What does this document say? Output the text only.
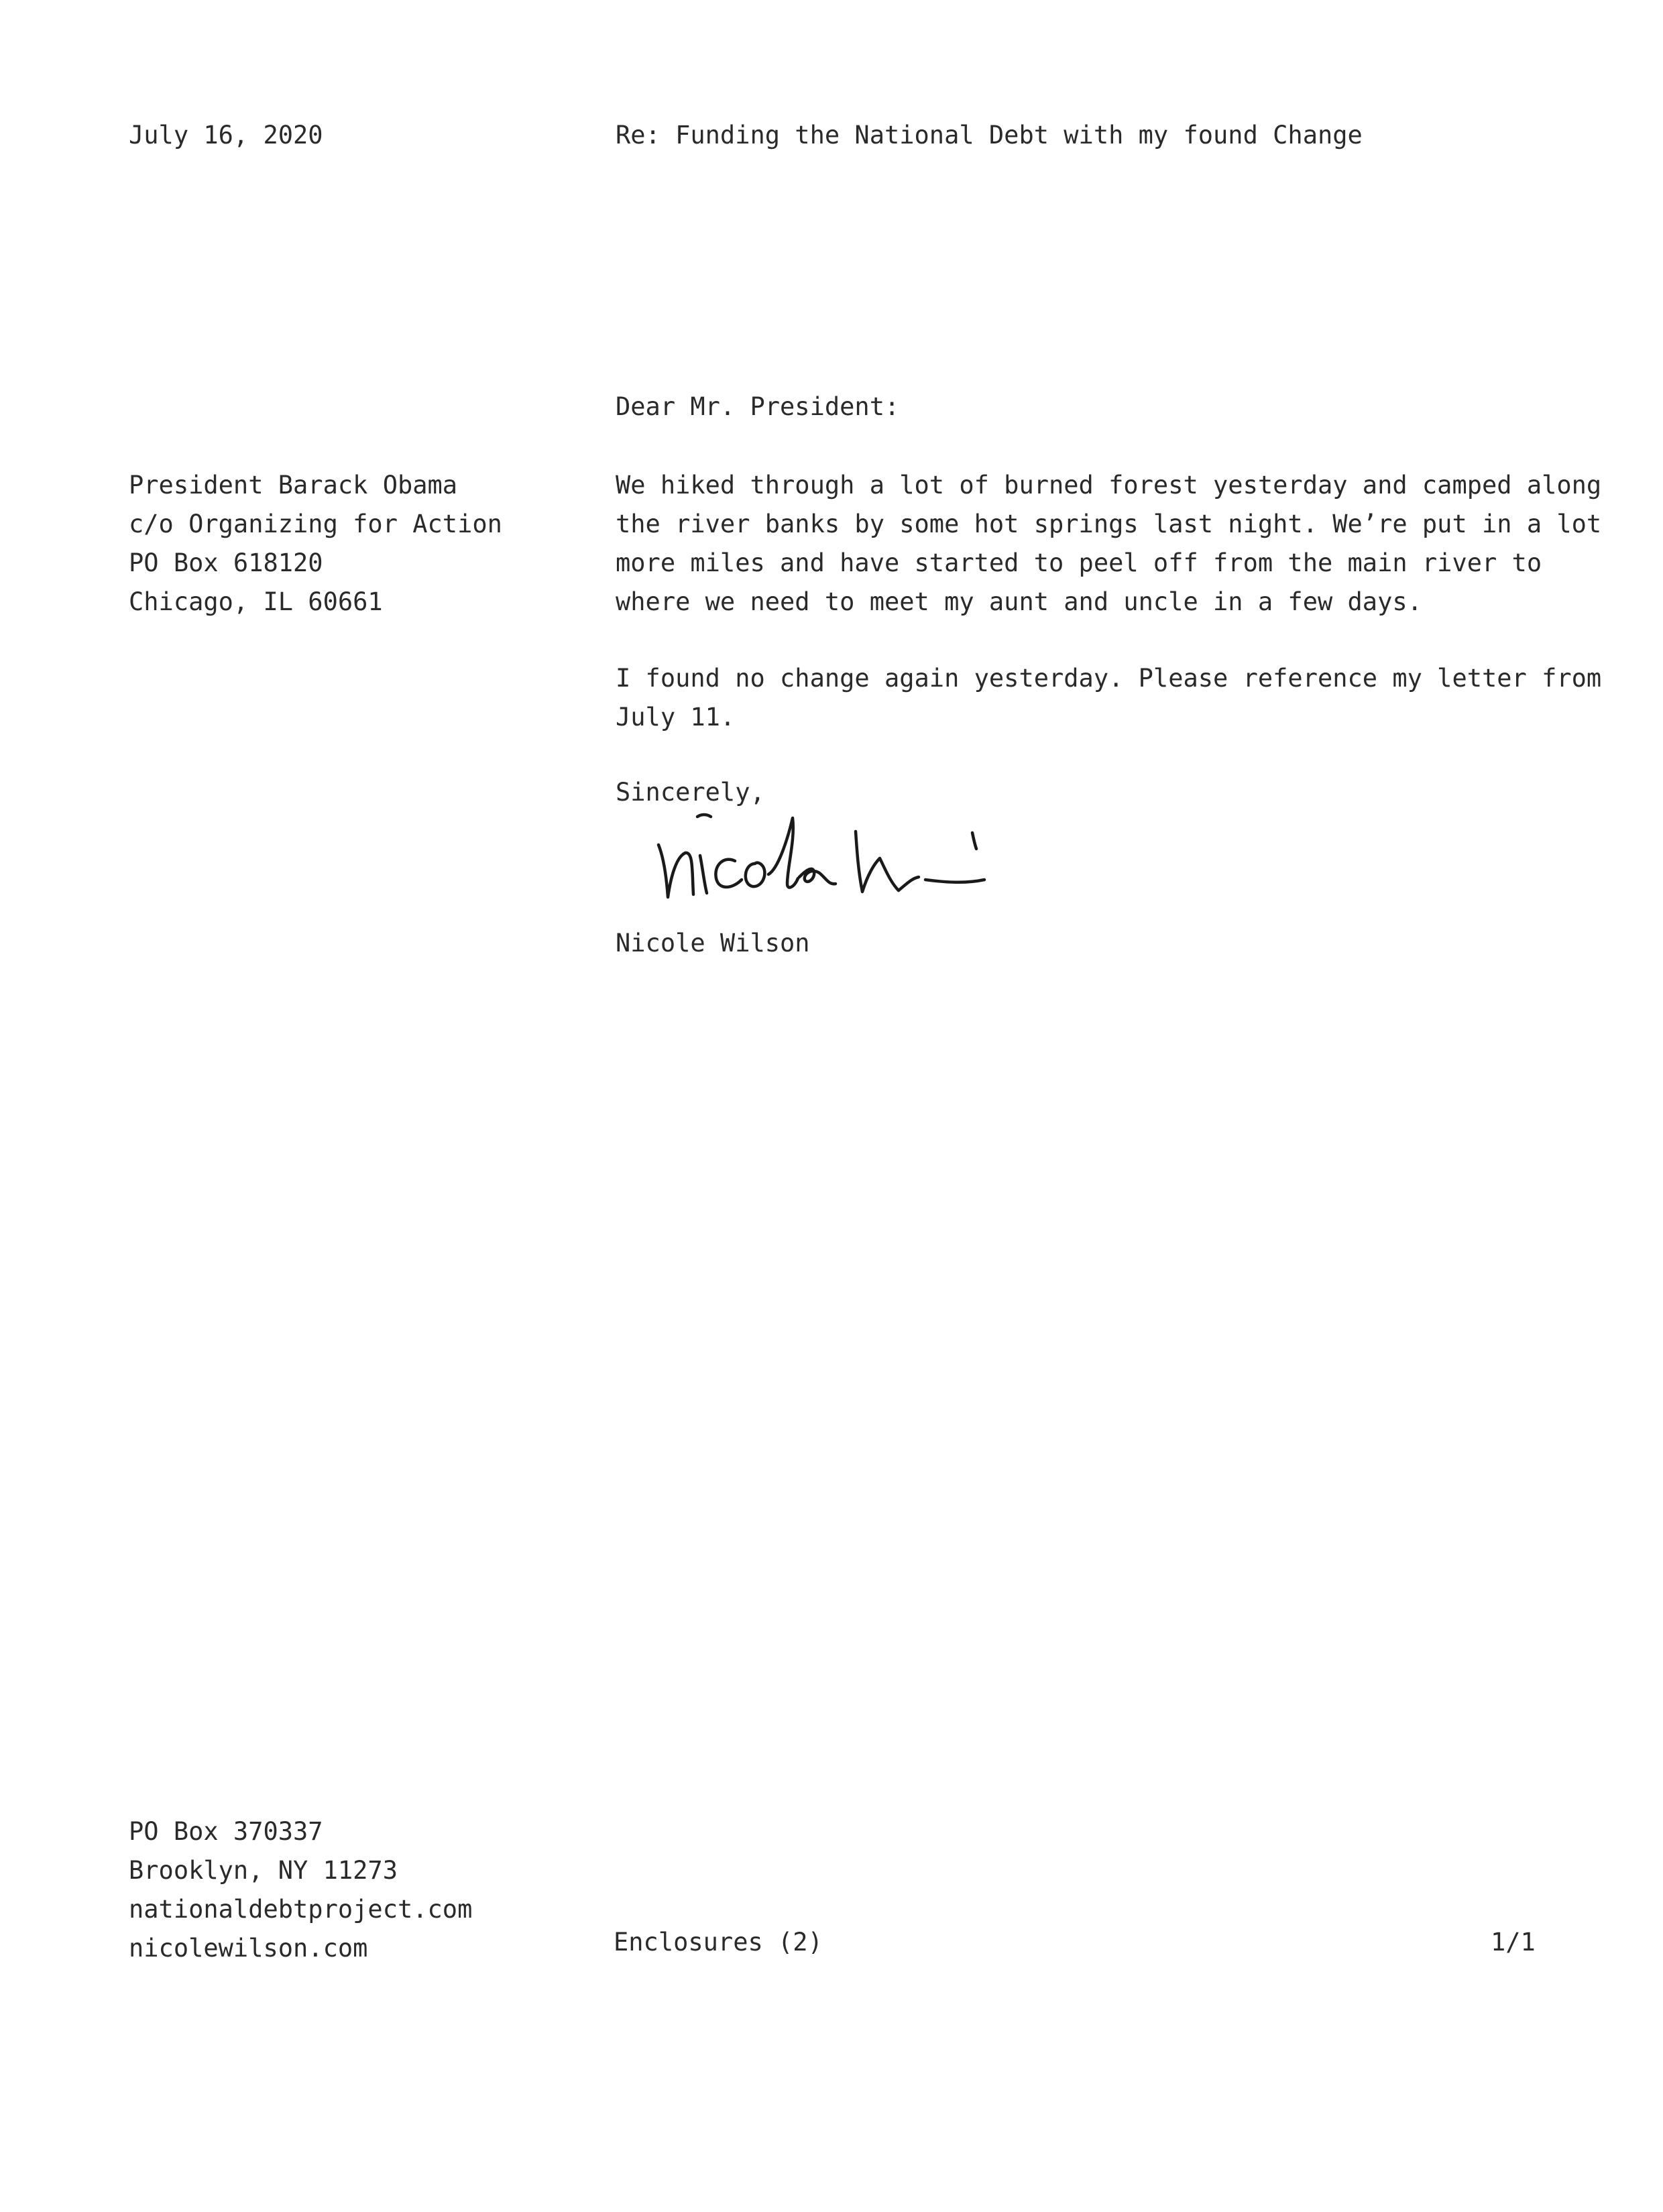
July 16, 2020	Re: Funding the National Debt with my found Change
Dear Mr. President:
President Barack Obama
c/o Organizing for Action
PO Box 618120
Chicago, IL 60661
We hiked through a lot of burned forest yesterday and camped along
the river banks by some hot springs last night. We’re put in a lot
more miles and have started to peel off from the main river to
where we need to meet my aunt and uncle in a few days.
I found no change again yesterday. Please reference my letter from
July 11.
Sincerely,
Nicole Wilson
PO Box 370337
Brooklyn, NY 11273
nationaldebtproject.com
nicolewilson.com	Enclosures (2)	1/1
